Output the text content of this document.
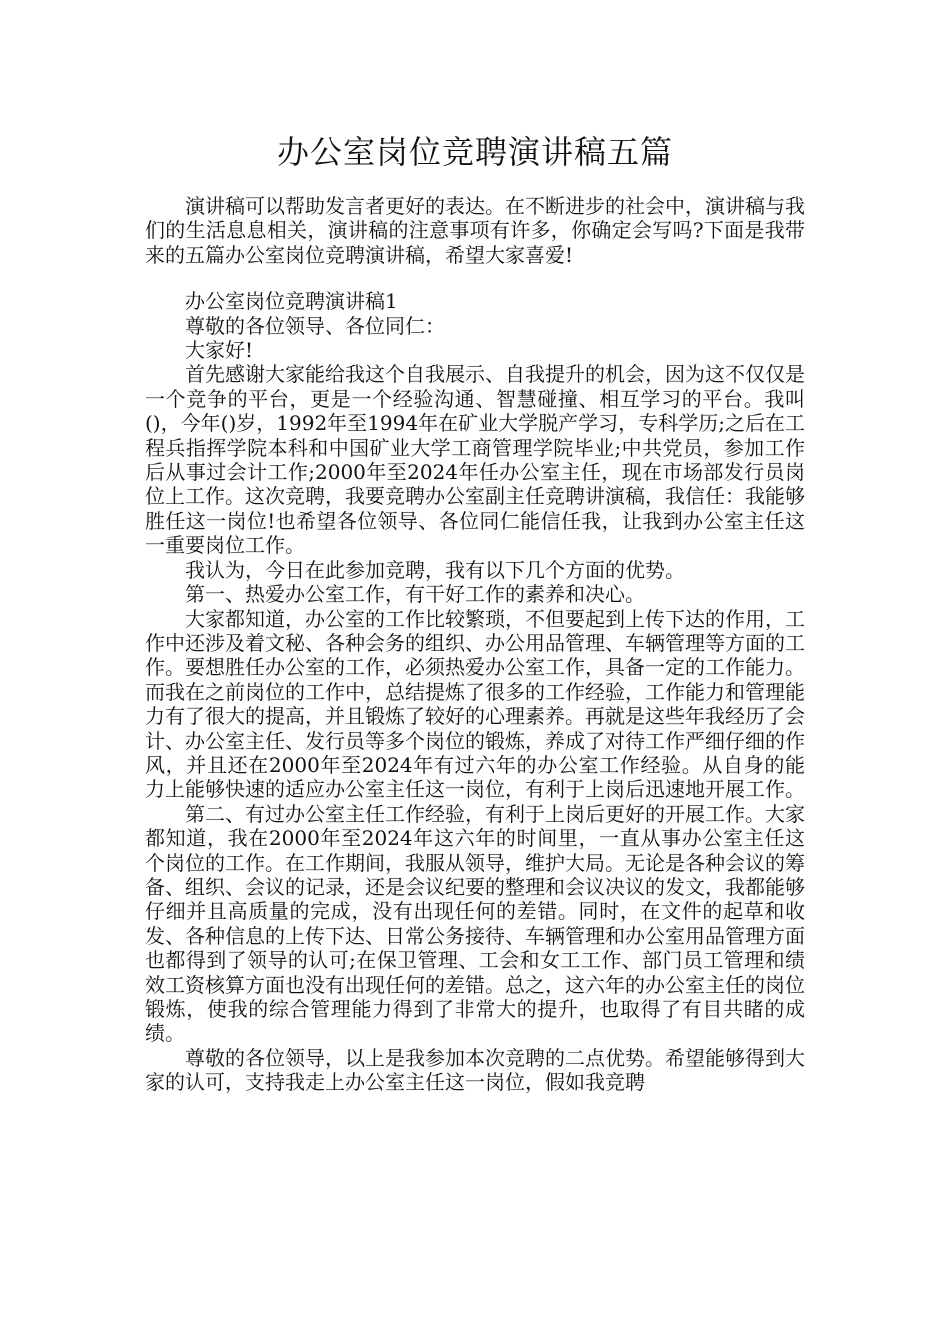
办公室岗位竞聘演讲稿五篇

演讲稿可以帮助发言者更好的表达。在不断进步的社会中，演讲稿与我们的生活息息相关，演讲稿的注意事项有许多，你确定会写吗?下面是我带来的五篇办公室岗位竞聘演讲稿，希望大家喜爱!

办公室岗位竞聘演讲稿1

尊敬的各位领导、各位同仁：

大家好!

首先感谢大家能给我这个自我展示、自我提升的机会，因为这不仅仅是一个竞争的平台，更是一个经验沟通、智慧碰撞、相互学习的平台。我叫()，今年()岁，1992年至1994年在矿业大学脱产学习，专科学历;之后在工程兵指挥学院本科和中国矿业大学工商管理学院毕业;中共党员，参加工作后从事过会计工作;2000年至2024年任办公室主任，现在市场部发行员岗位上工作。这次竞聘，我要竞聘办公室副主任竞聘讲演稿，我信任：我能够胜任这一岗位!也希望各位领导、各位同仁能信任我，让我到办公室主任这一重要岗位工作。

我认为，今日在此参加竞聘，我有以下几个方面的优势。

第一、热爱办公室工作，有干好工作的素养和决心。

大家都知道，办公室的工作比较繁琐，不但要起到上传下达的作用，工作中还涉及着文秘、各种会务的组织、办公用品管理、车辆管理等方面的工作。要想胜任办公室的工作，必须热爱办公室工作，具备一定的工作能力。而我在之前岗位的工作中，总结提炼了很多的工作经验，工作能力和管理能力有了很大的提高，并且锻炼了较好的心理素养。再就是这些年我经历了会计、办公室主任、发行员等多个岗位的锻炼，养成了对待工作严细仔细的作风，并且还在2000年至2024年有过六年的办公室工作经验。从自身的能力上能够快速的适应办公室主任这一岗位，有利于上岗后迅速地开展工作。

第二、有过办公室主任工作经验，有利于上岗后更好的开展工作。大家都知道，我在2000年至2024年这六年的时间里，一直从事办公室主任这个岗位的工作。在工作期间，我服从领导，维护大局。无论是各种会议的筹备、组织、会议的记录，还是会议纪要的整理和会议决议的发文，我都能够仔细并且高质量的完成，没有出现任何的差错。同时，在文件的起草和收发、各种信息的上传下达、日常公务接待、车辆管理和办公室用品管理方面也都得到了领导的认可;在保卫管理、工会和女工工作、部门员工管理和绩效工资核算方面也没有出现任何的差错。总之，这六年的办公室主任的岗位锻炼，使我的综合管理能力得到了非常大的提升，也取得了有目共睹的成绩。

尊敬的各位领导，以上是我参加本次竞聘的二点优势。希望能够得到大家的认可，支持我走上办公室主任这一岗位，假如我竞聘
